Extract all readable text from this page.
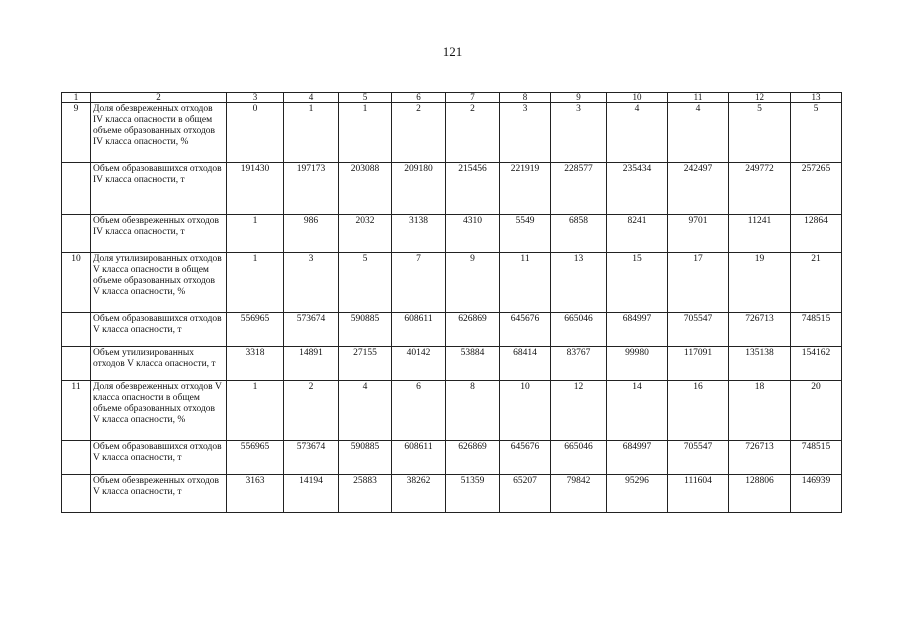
121
1	2	3	4	5	6	7	8	9	10	11	12	13
9	Доля обезвреженных отходов IV класса опасности в общем объеме образованных отходов IV класса опасности, %	0	1	1	2	2	3	3	4	4	5	5
	Объем образовавшихся отходов IV класса опасности, т	191430	197173	203088	209180	215456	221919	228577	235434	242497	249772	257265
	Объем обезвреженных отходов IV класса опасности, т	1	986	2032	3138	4310	5549	6858	8241	9701	11241	12864
10	Доля утилизированных отходов V класса опасности в общем объеме образованных отходов V класса опасности, %	1	3	5	7	9	11	13	15	17	19	21
	Объем образовавшихся отходов V класса опасности, т	556965	573674	590885	608611	626869	645676	665046	684997	705547	726713	748515
	Объем утилизированных отходов V класса опасности, т	3318	14891	27155	40142	53884	68414	83767	99980	117091	135138	154162
11	Доля обезвреженных отходов V класса опасности в общем объеме образованных отходов V класса опасности, %	1	2	4	6	8	10	12	14	16	18	20
	Объем образовавшихся отходов V класса опасности, т	556965	573674	590885	608611	626869	645676	665046	684997	705547	726713	748515
	Объем обезвреженных отходов V класса опасности, т	3163	14194	25883	38262	51359	65207	79842	95296	111604	128806	146939
